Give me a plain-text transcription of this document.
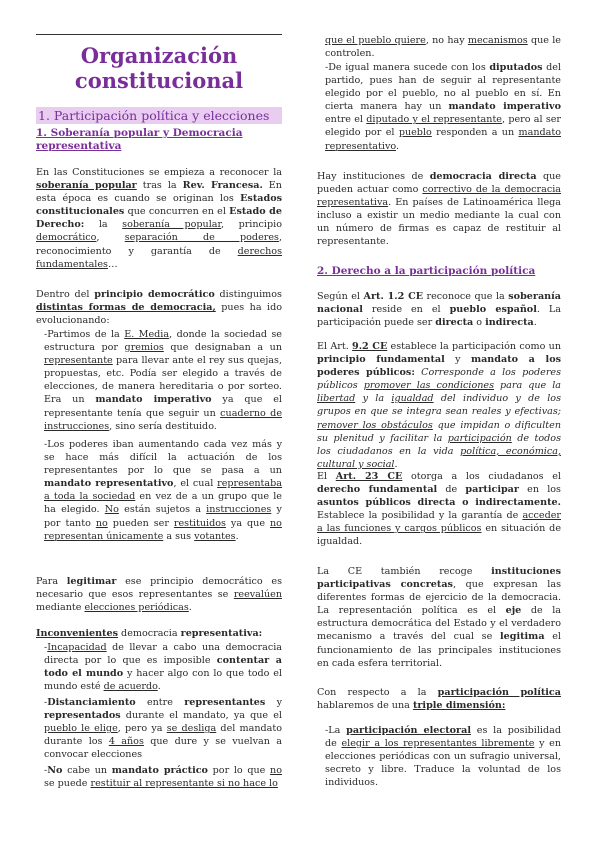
Organización
constitucional
1. Participación política y elecciones
1. Soberanía popular y Democracia representativa
En las Constituciones se empieza a reconocer la soberanía popular tras la Rev. Francesa. En esta época es cuando se originan los Estados constitucionales que concurren en el Estado de Derecho: la soberanía popular, principio democrático, separación de poderes, reconocimiento y garantía de derechos fundamentales…
Dentro del principio democrático distinguimos distintas formas de democracia, pues ha ido evolucionando:
-Partimos de la E. Media, donde la sociedad se estructura por gremios que designaban a un representante para llevar ante el rey sus quejas, propuestas, etc. Podía ser elegido a través de elecciones, de manera hereditaria o por sorteo. Era un mandato imperativo ya que el representante tenía que seguir un cuaderno de instrucciones, sino sería destituido.
-Los poderes iban aumentando cada vez más y se hace más difícil la actuación de los representantes por lo que se pasa a un mandato representativo, el cual representaba a toda la sociedad en vez de a un grupo que le ha elegido. No están sujetos a instrucciones y por tanto no pueden ser restituidos ya que no representan únicamente a sus votantes.
Para legitimar ese principio democrático es necesario que esos representantes se reevalúen mediante elecciones periódicas.
Inconvenientes democracia representativa:
-Incapacidad de llevar a cabo una democracia directa por lo que es imposible contentar a todo el mundo y hacer algo con lo que todo el mundo esté de acuerdo.
-Distanciamiento entre representantes y representados durante el mandato, ya que el pueblo le elige, pero ya se desliga del mandato durante los 4 años que dure y se vuelvan a convocar elecciones
-No cabe un mandato práctico por lo que no se puede restituir al representante si no hace lo
que el pueblo quiere, no hay mecanismos que le controlen.
-De igual manera sucede con los diputados del partido, pues han de seguir al representante elegido por el pueblo, no al pueblo en sí. En cierta manera hay un mandato imperativo entre el diputado y el representante, pero al ser elegido por el pueblo responden a un mandato representativo.
Hay instituciones de democracia directa que pueden actuar como correctivo de la democracia representativa. En países de Latinoamérica llega incluso a existir un medio mediante la cual con un número de firmas es capaz de restituir al representante.
2. Derecho a la participación política
Según el Art. 1.2 CE reconoce que la soberanía nacional reside en el pueblo español. La participación puede ser directa o indirecta.
El Art. 9.2 CE establece la participación como un principio fundamental y mandato a los poderes públicos: Corresponde a los poderes públicos promover las condiciones para que la libertad y la igualdad del individuo y de los grupos en que se integra sean reales y efectivas; remover los obstáculos que impidan o dificulten su plenitud y facilitar la participación de todos los ciudadanos en la vida política, económica, cultural y social.
El Art. 23 CE otorga a los ciudadanos el derecho fundamental de participar en los asuntos públicos directa o indirectamente. Establece la posibilidad y la garantía de acceder a las funciones y cargos públicos en situación de igualdad.
La CE también recoge instituciones participativas concretas, que expresan las diferentes formas de ejercicio de la democracia. La representación política es el eje de la estructura democrática del Estado y el verdadero mecanismo a través del cual se legitima el funcionamiento de las principales instituciones en cada esfera territorial.
Con respecto a la participación política hablaremos de una triple dimensión:
-La participación electoral es la posibilidad de elegir a los representantes libremente y en elecciones periódicas con un sufragio universal, secreto y libre. Traduce la voluntad de los individuos.
